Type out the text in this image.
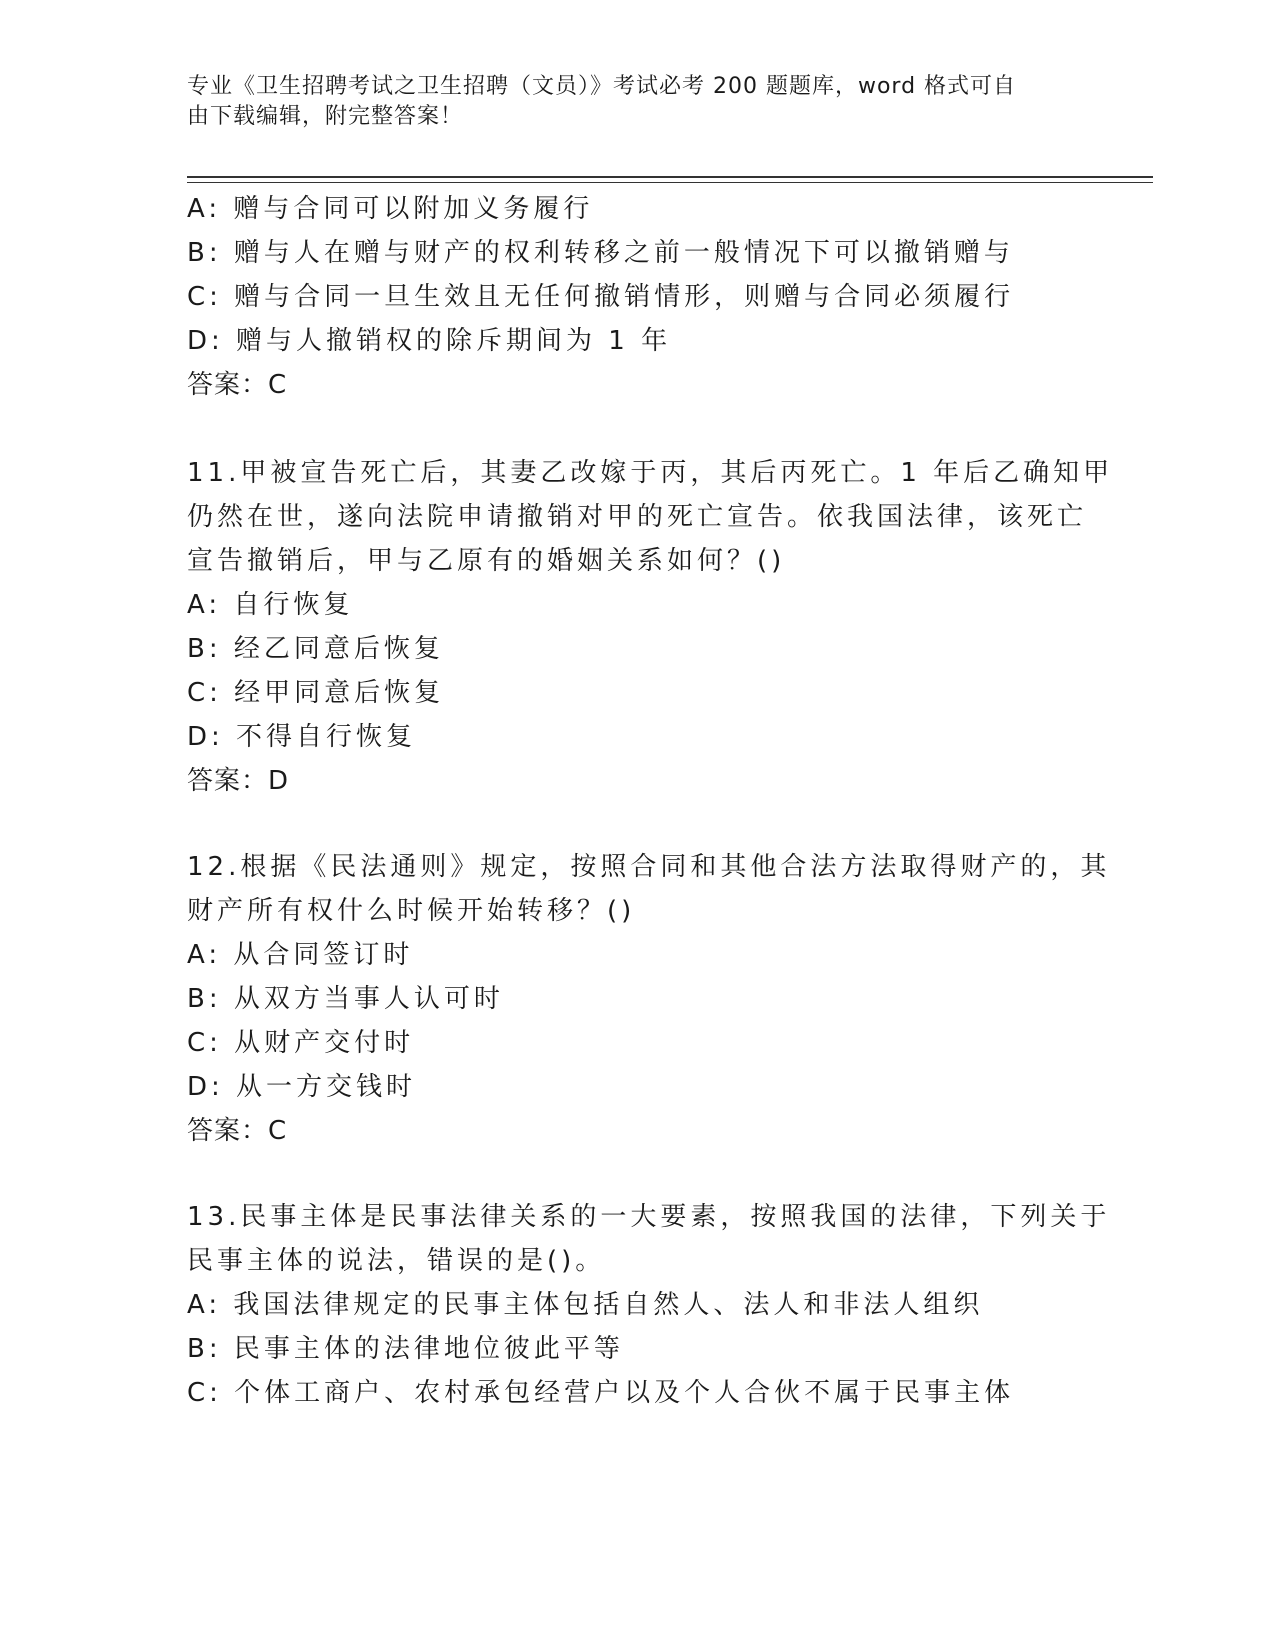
专业《卫生招聘考试之卫生招聘（文员）》考试必考 200 题题库，word 格式可自
由下载编辑，附完整答案！
A: 赠与合同可以附加义务履行
B: 赠与人在赠与财产的权利转移之前一般情况下可以撤销赠与
C: 赠与合同一旦生效且无任何撤销情形，则赠与合同必须履行
D: 赠与人撤销权的除斥期间为 1 年
答案：C
11.甲被宣告死亡后，其妻乙改嫁于丙，其后丙死亡。1 年后乙确知甲
仍然在世，遂向法院申请撤销对甲的死亡宣告。依我国法律，该死亡
宣告撤销后，甲与乙原有的婚姻关系如何？()
A: 自行恢复
B: 经乙同意后恢复
C: 经甲同意后恢复
D: 不得自行恢复
答案：D
12.根据《民法通则》规定，按照合同和其他合法方法取得财产的，其
财产所有权什么时候开始转移？()
A: 从合同签订时
B: 从双方当事人认可时
C: 从财产交付时
D: 从一方交钱时
答案：C
13.民事主体是民事法律关系的一大要素，按照我国的法律，下列关于
民事主体的说法，错误的是()。
A: 我国法律规定的民事主体包括自然人、法人和非法人组织
B: 民事主体的法律地位彼此平等
C: 个体工商户、农村承包经营户以及个人合伙不属于民事主体
